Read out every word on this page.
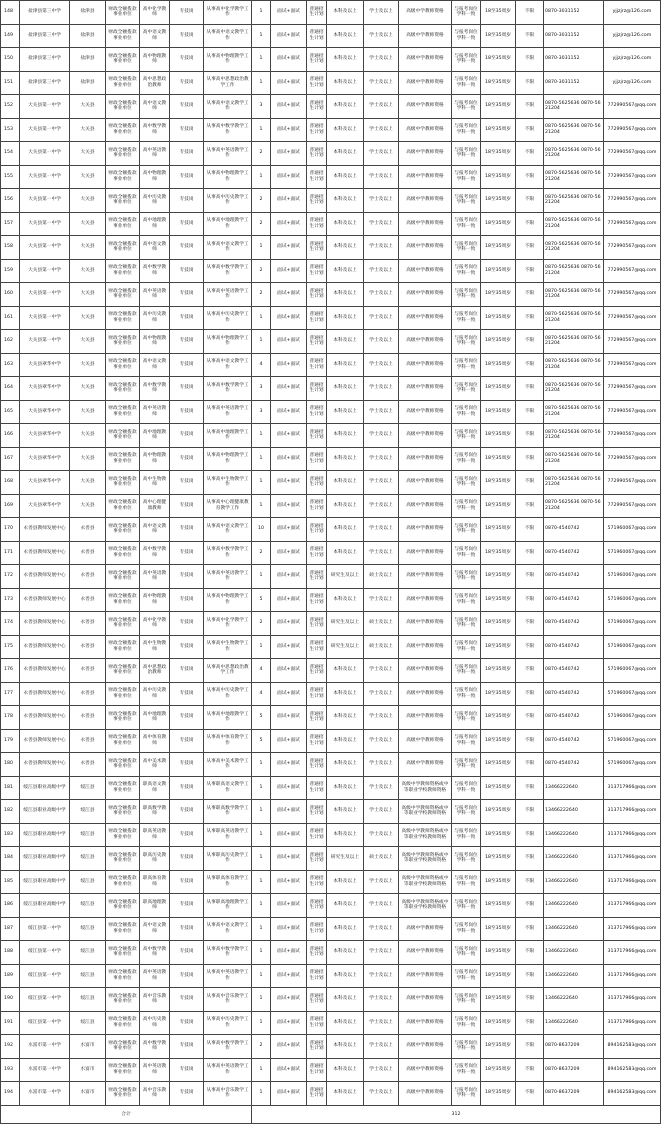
148	盐津县第三中学	盐津县	财政全额拨款事业单位	高中化学教师	专技岗	从事高中化学教学工作	1	面试+面试	普通招生计划	本科及以上	学士及以上	高级中学教师资格	与报考岗位学科一致	18至35周岁	不限	0870-3031152	yjjzjrz@126.com
149	盐津县第三中学	盐津县	财政全额拨款事业单位	高中语文教师	专技岗	从事高中语文教学工作	1	面试+面试	普通招生计划	本科及以上	学士及以上	高级中学教师资格	与报考岗位学科一致	18至35周岁	不限	0870-3031152	yjjzjrz@126.com
150	盐津县第三中学	盐津县	财政全额拨款事业单位	高中物理教师	专技岗	从事高中物理教学工作	1	面试+面试	普通招生计划	本科及以上	学士及以上	高级中学教师资格	与报考岗位学科一致	18至35周岁	不限	0870-3031152	yjjzjrz@126.com
151	盐津县第三中学	盐津县	财政全额拨款事业单位	高中思想政治教师	专技岗	从事高中思想政治教学工作	1	面试+面试	普通招生计划	本科及以上	学士及以上	高级中学教师资格	与报考岗位学科一致	18至35周岁	不限	0870-3031152	yjjzjrz@126.com
152	大关县第一中学	大关县	财政全额拨款事业单位	高中语文教师	专技岗	从事高中语文教学工作	3	面试+面试	普通招生计划	本科及以上	学士及以上	高级中学教师资格	与报考岗位学科一致	18至35周岁	不限	0870-5625636 0870-5621204	772990567@qq.com
153	大关县第一中学	大关县	财政全额拨款事业单位	高中数学教师	专技岗	从事高中数学教学工作	1	面试+面试	普通招生计划	本科及以上	学士及以上	高级中学教师资格	与报考岗位学科一致	18至35周岁	不限	0870-5625636 0870-5621204	772990567@qq.com
154	大关县第一中学	大关县	财政全额拨款事业单位	高中英语教师	专技岗	从事高中英语教学工作	2	面试+面试	普通招生计划	本科及以上	学士及以上	高级中学教师资格	与报考岗位学科一致	18至35周岁	不限	0870-5625636 0870-5621204	772990567@qq.com
155	大关县第一中学	大关县	财政全额拨款事业单位	高中物理教师	专技岗	从事高中物理教学工作	1	面试+面试	普通招生计划	本科及以上	学士及以上	高级中学教师资格	与报考岗位学科一致	18至35周岁	不限	0870-5625636 0870-5621204	772990567@qq.com
156	大关县第一中学	大关县	财政全额拨款事业单位	高中历史教师	专技岗	从事高中历史教学工作	2	面试+面试	普通招生计划	本科及以上	学士及以上	高级中学教师资格	与报考岗位学科一致	18至35周岁	不限	0870-5625636 0870-5621204	772990567@qq.com
157	大关县第一中学	大关县	财政全额拨款事业单位	高中地理教师	专技岗	从事高中地理教学工作	2	面试+面试	普通招生计划	本科及以上	学士及以上	高级中学教师资格	与报考岗位学科一致	18至35周岁	不限	0870-5625636 0870-5621204	772990567@qq.com
158	大关县第一中学	大关县	财政全额拨款事业单位	高中语文教师	专技岗	从事高中语文教学工作	1	面试+面试	普通招生计划	本科及以上	学士及以上	高级中学教师资格	与报考岗位学科一致	18至35周岁	不限	0870-5625636 0870-5621204	772990567@qq.com
159	大关县第一中学	大关县	财政全额拨款事业单位	高中数学教师	专技岗	从事高中数学教学工作	2	面试+面试	普通招生计划	本科及以上	学士及以上	高级中学教师资格	与报考岗位学科一致	18至35周岁	不限	0870-5625636 0870-5621204	772990567@qq.com
160	大关县第一中学	大关县	财政全额拨款事业单位	高中英语教师	专技岗	从事高中英语教学工作	2	面试+面试	普通招生计划	本科及以上	学士及以上	高级中学教师资格	与报考岗位学科一致	18至35周岁	不限	0870-5625636 0870-5621204	772990567@qq.com
161	大关县第一中学	大关县	财政全额拨款事业单位	高中历史教师	专技岗	从事高中历史教学工作	1	面试+面试	普通招生计划	本科及以上	学士及以上	高级中学教师资格	与报考岗位学科一致	18至35周岁	不限	0870-5625636 0870-5621204	772990567@qq.com
162	大关县第一中学	大关县	财政全额拨款事业单位	高中物理教师	专技岗	从事高中物理教学工作	1	面试+面试	普通招生计划	本科及以上	学士及以上	高级中学教师资格	与报考岗位学科一致	18至35周岁	不限	0870-5625636 0870-5621204	772990567@qq.com
163	大关县翠华中学	大关县	财政全额拨款事业单位	高中语文教师	专技岗	从事高中语文教学工作	4	面试+面试	普通招生计划	本科及以上	学士及以上	高级中学教师资格	与报考岗位学科一致	18至35周岁	不限	0870-5625636 0870-5621204	772990567@qq.com
164	大关县翠华中学	大关县	财政全额拨款事业单位	高中数学教师	专技岗	从事高中数学教学工作	3	面试+面试	普通招生计划	本科及以上	学士及以上	高级中学教师资格	与报考岗位学科一致	18至35周岁	不限	0870-5625636 0870-5621204	772990567@qq.com
165	大关县翠华中学	大关县	财政全额拨款事业单位	高中英语教师	专技岗	从事高中英语教学工作	3	面试+面试	普通招生计划	本科及以上	学士及以上	高级中学教师资格	与报考岗位学科一致	18至35周岁	不限	0870-5625636 0870-5621204	772990567@qq.com
166	大关县翠华中学	大关县	财政全额拨款事业单位	高中地理教师	专技岗	从事高中地理教学工作	1	面试+面试	普通招生计划	本科及以上	学士及以上	高级中学教师资格	与报考岗位学科一致	18至35周岁	不限	0870-5625636 0870-5621204	772990567@qq.com
167	大关县翠华中学	大关县	财政全额拨款事业单位	高中物理教师	专技岗	从事高中物理教学工作	1	面试+面试	普通招生计划	本科及以上	学士及以上	高级中学教师资格	与报考岗位学科一致	18至35周岁	不限	0870-5625636 0870-5621204	772990567@qq.com
168	大关县翠华中学	大关县	财政全额拨款事业单位	高中生物教师	专技岗	从事高中生物教学工作	1	面试+面试	普通招生计划	本科及以上	学士及以上	高级中学教师资格	与报考岗位学科一致	18至35周岁	不限	0870-5625636 0870-5621204	772990567@qq.com
169	大关县翠华中学	大关县	财政全额拨款事业单位	高中心理健康教师	专技岗	从事高中心理健康教育教学工作	1	面试+面试	普通招生计划	本科及以上	学士及以上	高级中学教师资格	与报考岗位学科一致	18至35周岁	不限	0870-5625636 0870-5621204	772990567@qq.com
170	永善县教师发展中心	永善县	财政全额拨款事业单位	高中语文教师	专技岗	从事高中语文教学工作	10	面试+面试	普通招生计划	本科及以上	学士及以上	高级中学教师资格	与报考岗位学科一致	18至35周岁	不限	0870-4540742	571960067@qq.com
171	永善县教师发展中心	永善县	财政全额拨款事业单位	高中数学教师	专技岗	从事高中数学教学工作	2	面试+面试	普通招生计划	本科及以上	学士及以上	高级中学教师资格	与报考岗位学科一致	18至35周岁	不限	0870-4540742	571960067@qq.com
172	永善县教师发展中心	永善县	财政全额拨款事业单位	高中英语教师	专技岗	从事高中英语教学工作	1	面试+面试	普通招生计划	研究生及以上	硕士及以上	高级中学教师资格	与报考岗位学科一致	18至35周岁	不限	0870-4540742	571960067@qq.com
173	永善县教师发展中心	永善县	财政全额拨款事业单位	高中物理教师	专技岗	从事高中物理教学工作	5	面试+面试	普通招生计划	本科及以上	学士及以上	高级中学教师资格	与报考岗位学科一致	18至35周岁	不限	0870-4540742	571960067@qq.com
174	永善县教师发展中心	永善县	财政全额拨款事业单位	高中化学教师	专技岗	从事高中化学教学工作	2	面试+面试	普通招生计划	研究生及以上	硕士及以上	高级中学教师资格	与报考岗位学科一致	18至35周岁	不限	0870-4540742	571960067@qq.com
175	永善县教师发展中心	永善县	财政全额拨款事业单位	高中生物教师	专技岗	从事高中生物教学工作	1	面试+面试	普通招生计划	研究生及以上	硕士及以上	高级中学教师资格	与报考岗位学科一致	18至35周岁	不限	0870-4540742	571960067@qq.com
176	永善县教师发展中心	永善县	财政全额拨款事业单位	高中思想政治教师	专技岗	从事高中思想政治教学工作	4	面试+面试	普通招生计划	本科及以上	学士及以上	高级中学教师资格	与报考岗位学科一致	18至35周岁	不限	0870-4540742	571960067@qq.com
177	永善县教师发展中心	永善县	财政全额拨款事业单位	高中历史教师	专技岗	从事高中历史教学工作	4	面试+面试	普通招生计划	本科及以上	学士及以上	高级中学教师资格	与报考岗位学科一致	18至35周岁	不限	0870-4540742	571960067@qq.com
178	永善县教师发展中心	永善县	财政全额拨款事业单位	高中地理教师	专技岗	从事高中地理教学工作	5	面试+面试	普通招生计划	本科及以上	学士及以上	高级中学教师资格	与报考岗位学科一致	18至35周岁	不限	0870-4540742	571960067@qq.com
179	永善县教师发展中心	永善县	财政全额拨款事业单位	高中体育教师	专技岗	从事高中体育教学工作	5	面试+面试	普通招生计划	本科及以上	学士及以上	高级中学教师资格	与报考岗位学科一致	18至35周岁	不限	0870-4540742	571960067@qq.com
180	永善县教师发展中心	永善县	财政全额拨款事业单位	高中美术教师	专技岗	从事高中美术教学工作	1	面试+面试	普通招生计划	本科及以上	学士及以上	高级中学教师资格	与报考岗位学科一致	18至35周岁	不限	0870-4540742	571960067@qq.com
181	绥江县职业高级中学	绥江县	财政全额拨款事业单位	职高语文教师	专技岗	从事职高语文教学工作	1	面试+面试	普通招生计划	本科及以上	学士及以上	高级中学教师资格或中等职业学校教师资格	与报考岗位学科一致	18至35周岁	不限	13466222640	313717966@qq.com
182	绥江县职业高级中学	绥江县	财政全额拨款事业单位	职高数学教师	专技岗	从事职高数学教学工作	1	面试+面试	普通招生计划	本科及以上	学士及以上	高级中学教师资格或中等职业学校教师资格	与报考岗位学科一致	18至35周岁	不限	13466222640	313717966@qq.com
183	绥江县职业高级中学	绥江县	财政全额拨款事业单位	职高英语教师	专技岗	从事职高英语教学工作	1	面试+面试	普通招生计划	本科及以上	学士及以上	高级中学教师资格或中等职业学校教师资格	与报考岗位学科一致	18至35周岁	不限	13466222640	313717966@qq.com
184	绥江县职业高级中学	绥江县	财政全额拨款事业单位	职高历史教师	专技岗	从事职高历史教学工作	1	面试+面试	普通招生计划	研究生及以上	硕士及以上	高级中学教师资格或中等职业学校教师资格	与报考岗位学科一致	18至35周岁	不限	13466222640	313717966@qq.com
185	绥江县职业高级中学	绥江县	财政全额拨款事业单位	职高体育教师	专技岗	从事职高体育教学工作	1	面试+面试	普通招生计划	本科及以上	学士及以上	高级中学教师资格或中等职业学校教师资格	与报考岗位学科一致	18至35周岁	不限	13466222640	313717966@qq.com
186	绥江县职业高级中学	绥江县	财政全额拨款事业单位	职高地理教师	专技岗	从事职高地理教学工作	1	面试+面试	普通招生计划	本科及以上	学士及以上	高级中学教师资格或中等职业学校教师资格	与报考岗位学科一致	18至35周岁	不限	13466222640	313717966@qq.com
187	绥江县第一中学	绥江县	财政全额拨款事业单位	高中语文教师	专技岗	从事高中语文教学工作	1	面试+面试	普通招生计划	本科及以上	学士及以上	高级中学教师资格	与报考岗位学科一致	18至35周岁	不限	13466222640	313717966@qq.com
188	绥江县第一中学	绥江县	财政全额拨款事业单位	高中数学教师	专技岗	从事高中数学教学工作	1	面试+面试	普通招生计划	本科及以上	学士及以上	高级中学教师资格	与报考岗位学科一致	18至35周岁	不限	13466222640	313717966@qq.com
189	绥江县第一中学	绥江县	财政全额拨款事业单位	高中英语教师	专技岗	从事高中英语教学工作	1	面试+面试	普通招生计划	本科及以上	学士及以上	高级中学教师资格	与报考岗位学科一致	18至35周岁	不限	13466222640	313717966@qq.com
190	绥江县第一中学	绥江县	财政全额拨款事业单位	高中音乐教师	专技岗	从事高中音乐教学工作	1	面试+面试	普通招生计划	本科及以上	学士及以上	高级中学教师资格	与报考岗位学科一致	18至35周岁	不限	13466222640	313717966@qq.com
191	绥江县第一中学	绥江县	财政全额拨款事业单位	高中历史教师	专技岗	从事高中历史教学工作	1	面试+面试	普通招生计划	本科及以上	学士及以上	高级中学教师资格	与报考岗位学科一致	18至35周岁	不限	13466222640	313717966@qq.com
192	水富市第一中学	水富市	财政全额拨款事业单位	高中数学教师	专技岗	从事高中数学教学工作	2	面试+面试	普通招生计划	本科及以上	学士及以上	高级中学教师资格	与报考岗位学科一致	18至35周岁	不限	0870-8637209	894162583@qq.com
193	水富市第一中学	水富市	财政全额拨款事业单位	高中英语教师	专技岗	从事高中英语教学工作	1	面试+面试	普通招生计划	本科及以上	学士及以上	高级中学教师资格	与报考岗位学科一致	18至35周岁	不限	0870-8637209	894162583@qq.com
194	水富市第一中学	水富市	财政全额拨款事业单位	高中音乐教师	专技岗	从事高中音乐教学工作	1	面试+面试	普通招生计划	本科及以上	学士及以上	高级中学教师资格	与报考岗位学科一致	18至35周岁	不限	0870-8637209	894162583@qq.com
合计							312										
